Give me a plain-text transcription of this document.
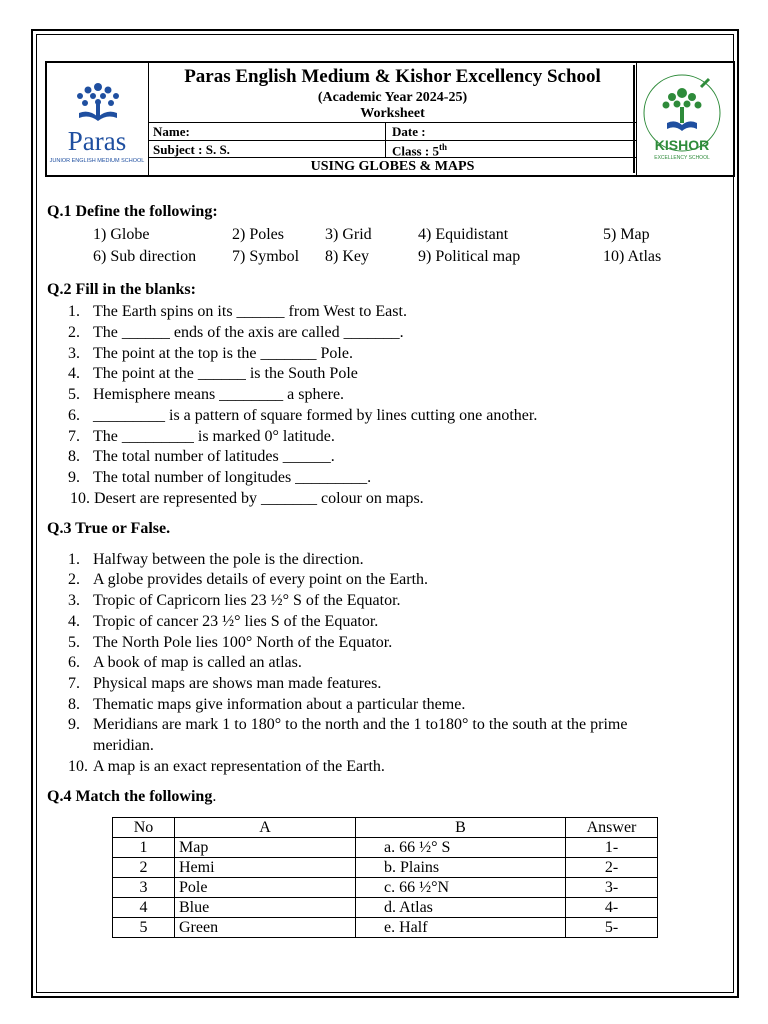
Paras
JUNIOR ENGLISH MEDIUM SCHOOL
Paras English Medium & Kishor Excellency School
(Academic Year 2024-25)
Worksheet
Name:	Date :
Subject : S. S.	Class : 5th
USING GLOBES & MAPS
KISHOR
EXCELLENCY SCHOOL
Q.1 Define the following:
1) Globe	2) Poles	3) Grid	4) Equidistant	5) Map
6) Sub direction 7) Symbol 8) Key	9) Political map	10) Atlas
Q.2 Fill in the blanks:
1. The Earth spins on its ______ from West to East.
2. The ______ ends of the axis are called _______.
3. The point at the top is the _______ Pole.
4. The point at the ______ is the South Pole
5. Hemisphere means ________ a sphere.
6. _________ is a pattern of square formed by lines cutting one another.
7. The _________ is marked 0° latitude.
8. The total number of latitudes ______.
9. The total number of longitudes _________.
10. Desert are represented by _______ colour on maps.
Q.3 True or False.
1. Halfway between the pole is the direction.
2. A globe provides details of every point on the Earth.
3. Tropic of Capricorn lies 23 ½° S of the Equator.
4. Tropic of cancer 23 ½° lies S of the Equator.
5. The North Pole lies 100° North of the Equator.
6. A book of map is called an atlas.
7. Physical maps are shows man made features.
8. Thematic maps give information about a particular theme.
9. Meridians are mark 1 to 180° to the north and the 1 to180° to the south at the prime
meridian.
10. A map is an exact representation of the Earth.
Q.4 Match the following.
No	A	B	Answer
1	Map	a. 66 ½° S	1-
2	Hemi	b. Plains	2-
3	Pole	c. 66 ½°N	3-
4	Blue	d. Atlas	4-
5	Green	e. Half	5-
